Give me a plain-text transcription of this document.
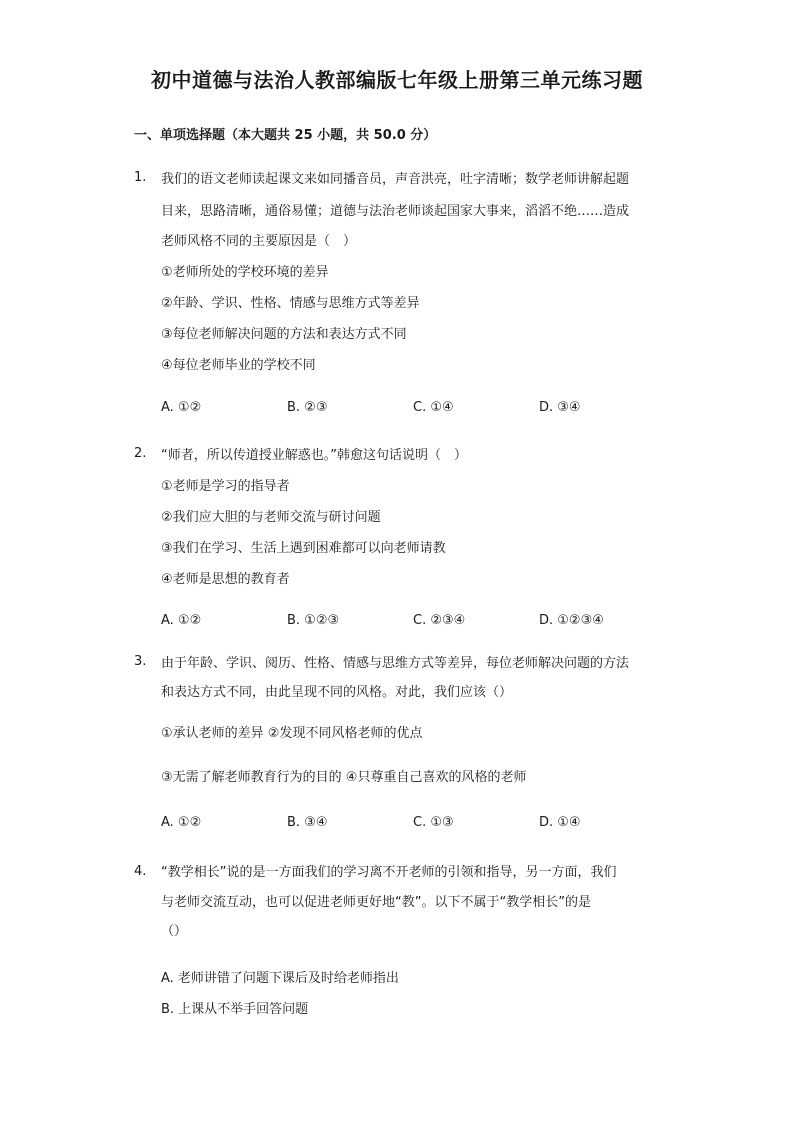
初中道德与法治人教部编版七年级上册第三单元练习题
一、单项选择题（本大题共 25 小题，共 50.0 分）
1. 我们的语文老师读起课文来如同播音员，声音洪亮，吐字清晰；数学老师讲解起题
目来，思路清晰，通俗易懂；道德与法治老师谈起国家大事来，滔滔不绝……造成
老师风格不同的主要原因是（　）
①老师所处的学校环境的差异
②年龄、学识、性格、情感与思维方式等差异
③每位老师解决问题的方法和表达方式不同
④每位老师毕业的学校不同
A. ①②	B. ②③	C. ①④	D. ③④
2. “师者，所以传道授业解惑也。”韩愈这句话说明（　）
①老师是学习的指导者
②我们应大胆的与老师交流与研讨问题
③我们在学习、生活上遇到困难都可以向老师请教
④老师是思想的教育者
A. ①②	B. ①②③	C. ②③④	D. ①②③④
3. 由于年龄、学识、阅历、性格、情感与思维方式等差异，每位老师解决问题的方法
和表达方式不同，由此呈现不同的风格。对此，我们应该（）
①承认老师的差异 ②发现不同风格老师的优点
③无需了解老师教育行为的目的 ④只尊重自己喜欢的风格的老师
A. ①②	B. ③④	C. ①③	D. ①④
4. “教学相长”说的是一方面我们的学习离不开老师的引领和指导，另一方面，我们
与老师交流互动，也可以促进老师更好地“教”。以下不属于“教学相长”的是
（）
A. 老师讲错了问题下课后及时给老师指出
B. 上课从不举手回答问题
